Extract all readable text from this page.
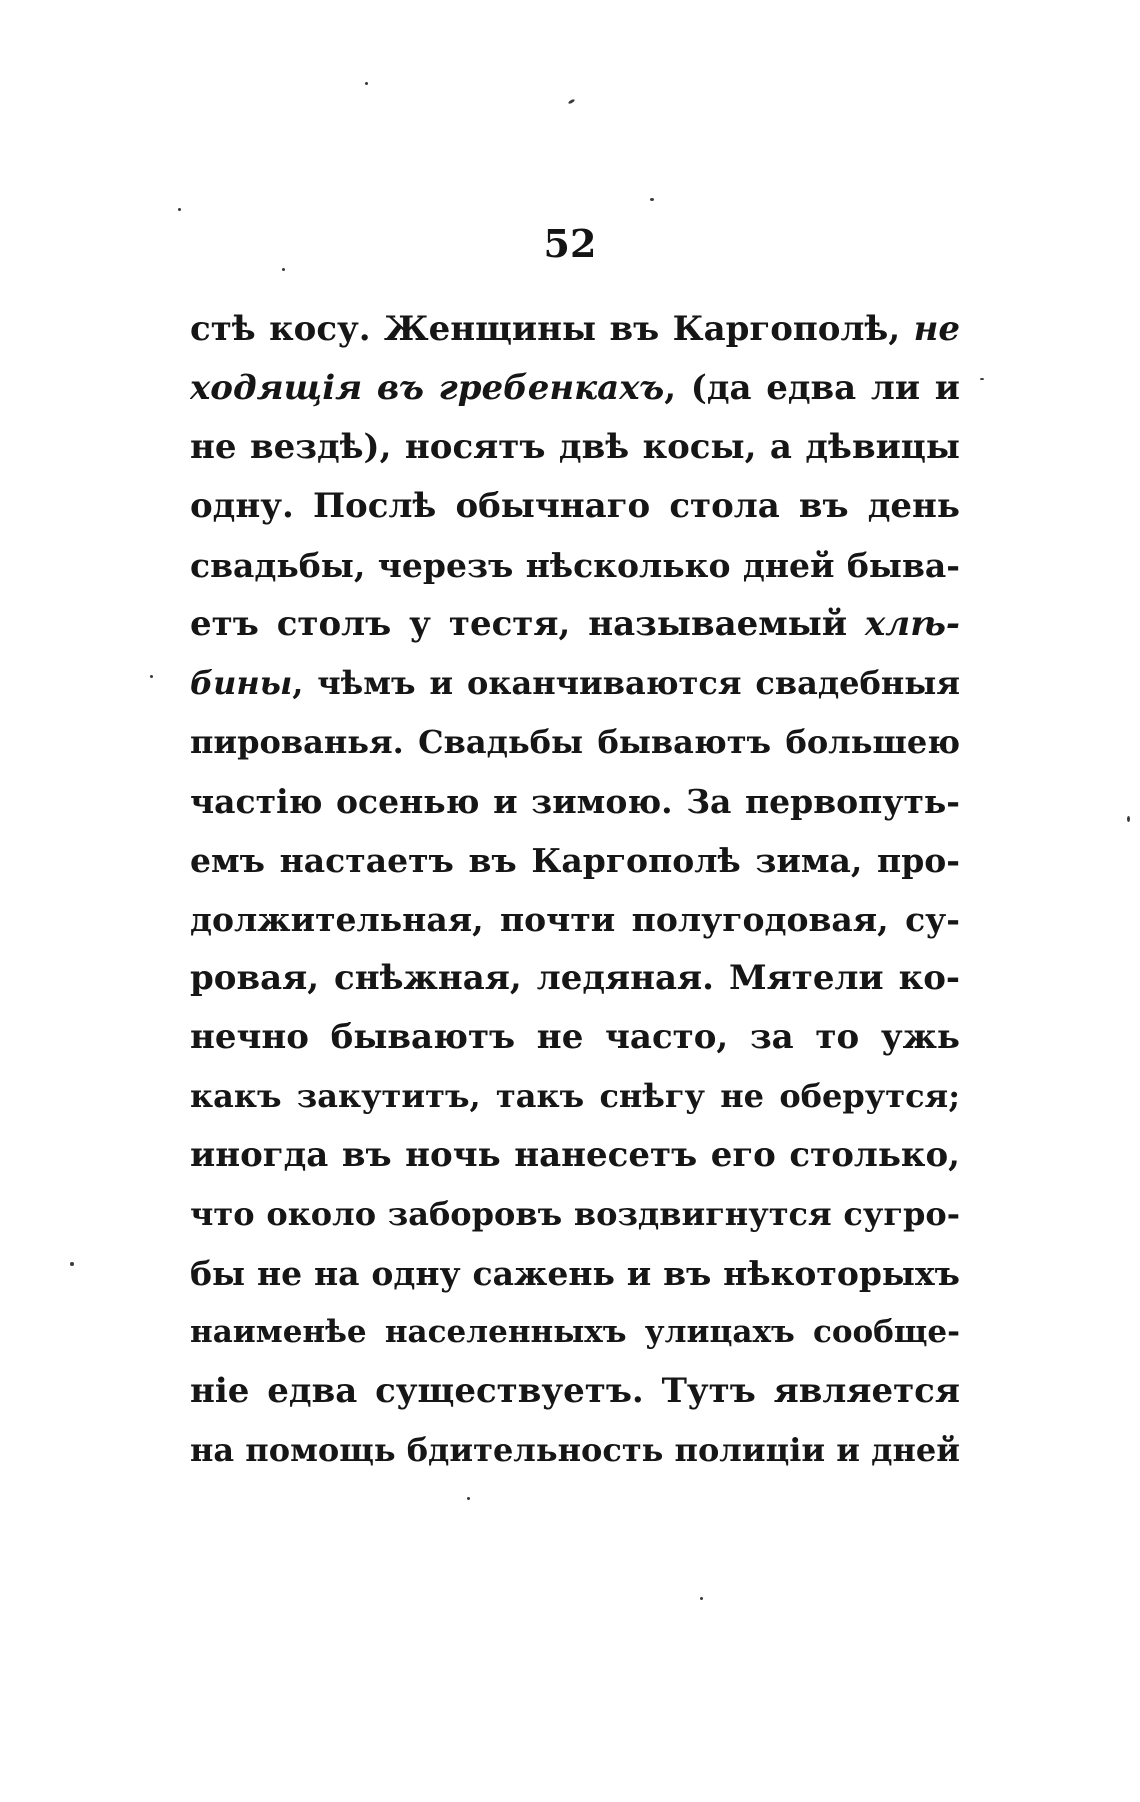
52
стѣ косу. Женщины въ Каргополѣ, не
ходящія въ гребенкахъ, (да едва ли и
не вездѣ), носятъ двѣ косы, а дѣвицы
одну. Послѣ обычнаго стола въ день
свадьбы, черезъ нѣсколько дней быва-
етъ столъ у тестя, называемый хлѣ-
бины, чѣмъ и оканчиваются свадебныя
пированья. Свадьбы бываютъ большею
частію осенью и зимою. За первопуть-
емъ настаетъ въ Каргополѣ зима, про-
должительная, почти полугодовая, су-
ровая, снѣжная, ледяная. Мятели ко-
нечно бываютъ не часто, за то ужь
какъ закутитъ, такъ снѣгу не оберутся;
иногда въ ночь нанесетъ его столько,
что около заборовъ воздвигнутся сугро-
бы не на одну сажень и въ нѣкоторыхъ
наименѣе населенныхъ улицахъ сообще-
ніе едва существуетъ. Тутъ является
на помощь бдительность полиціи и дней
